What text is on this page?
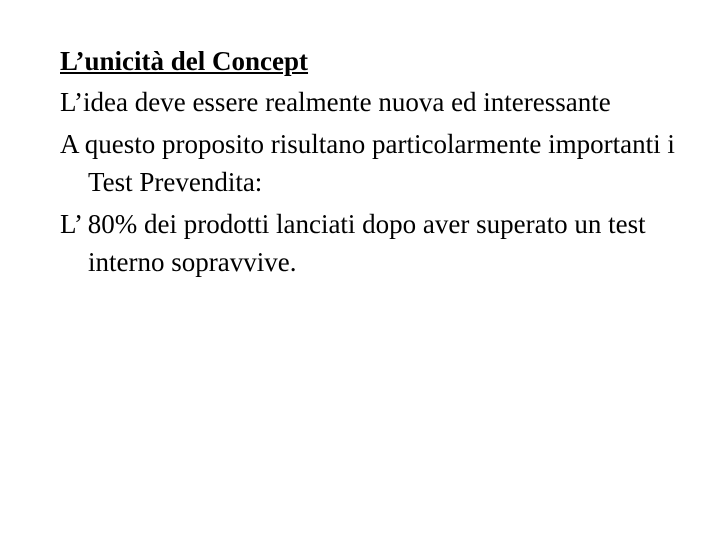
L’unicità del Concept

L’idea deve essere realmente nuova ed interessante

A questo proposito risultano particolarmente importanti i Test Prevendita:

L’ 80% dei prodotti lanciati dopo aver superato un test interno sopravvive.
